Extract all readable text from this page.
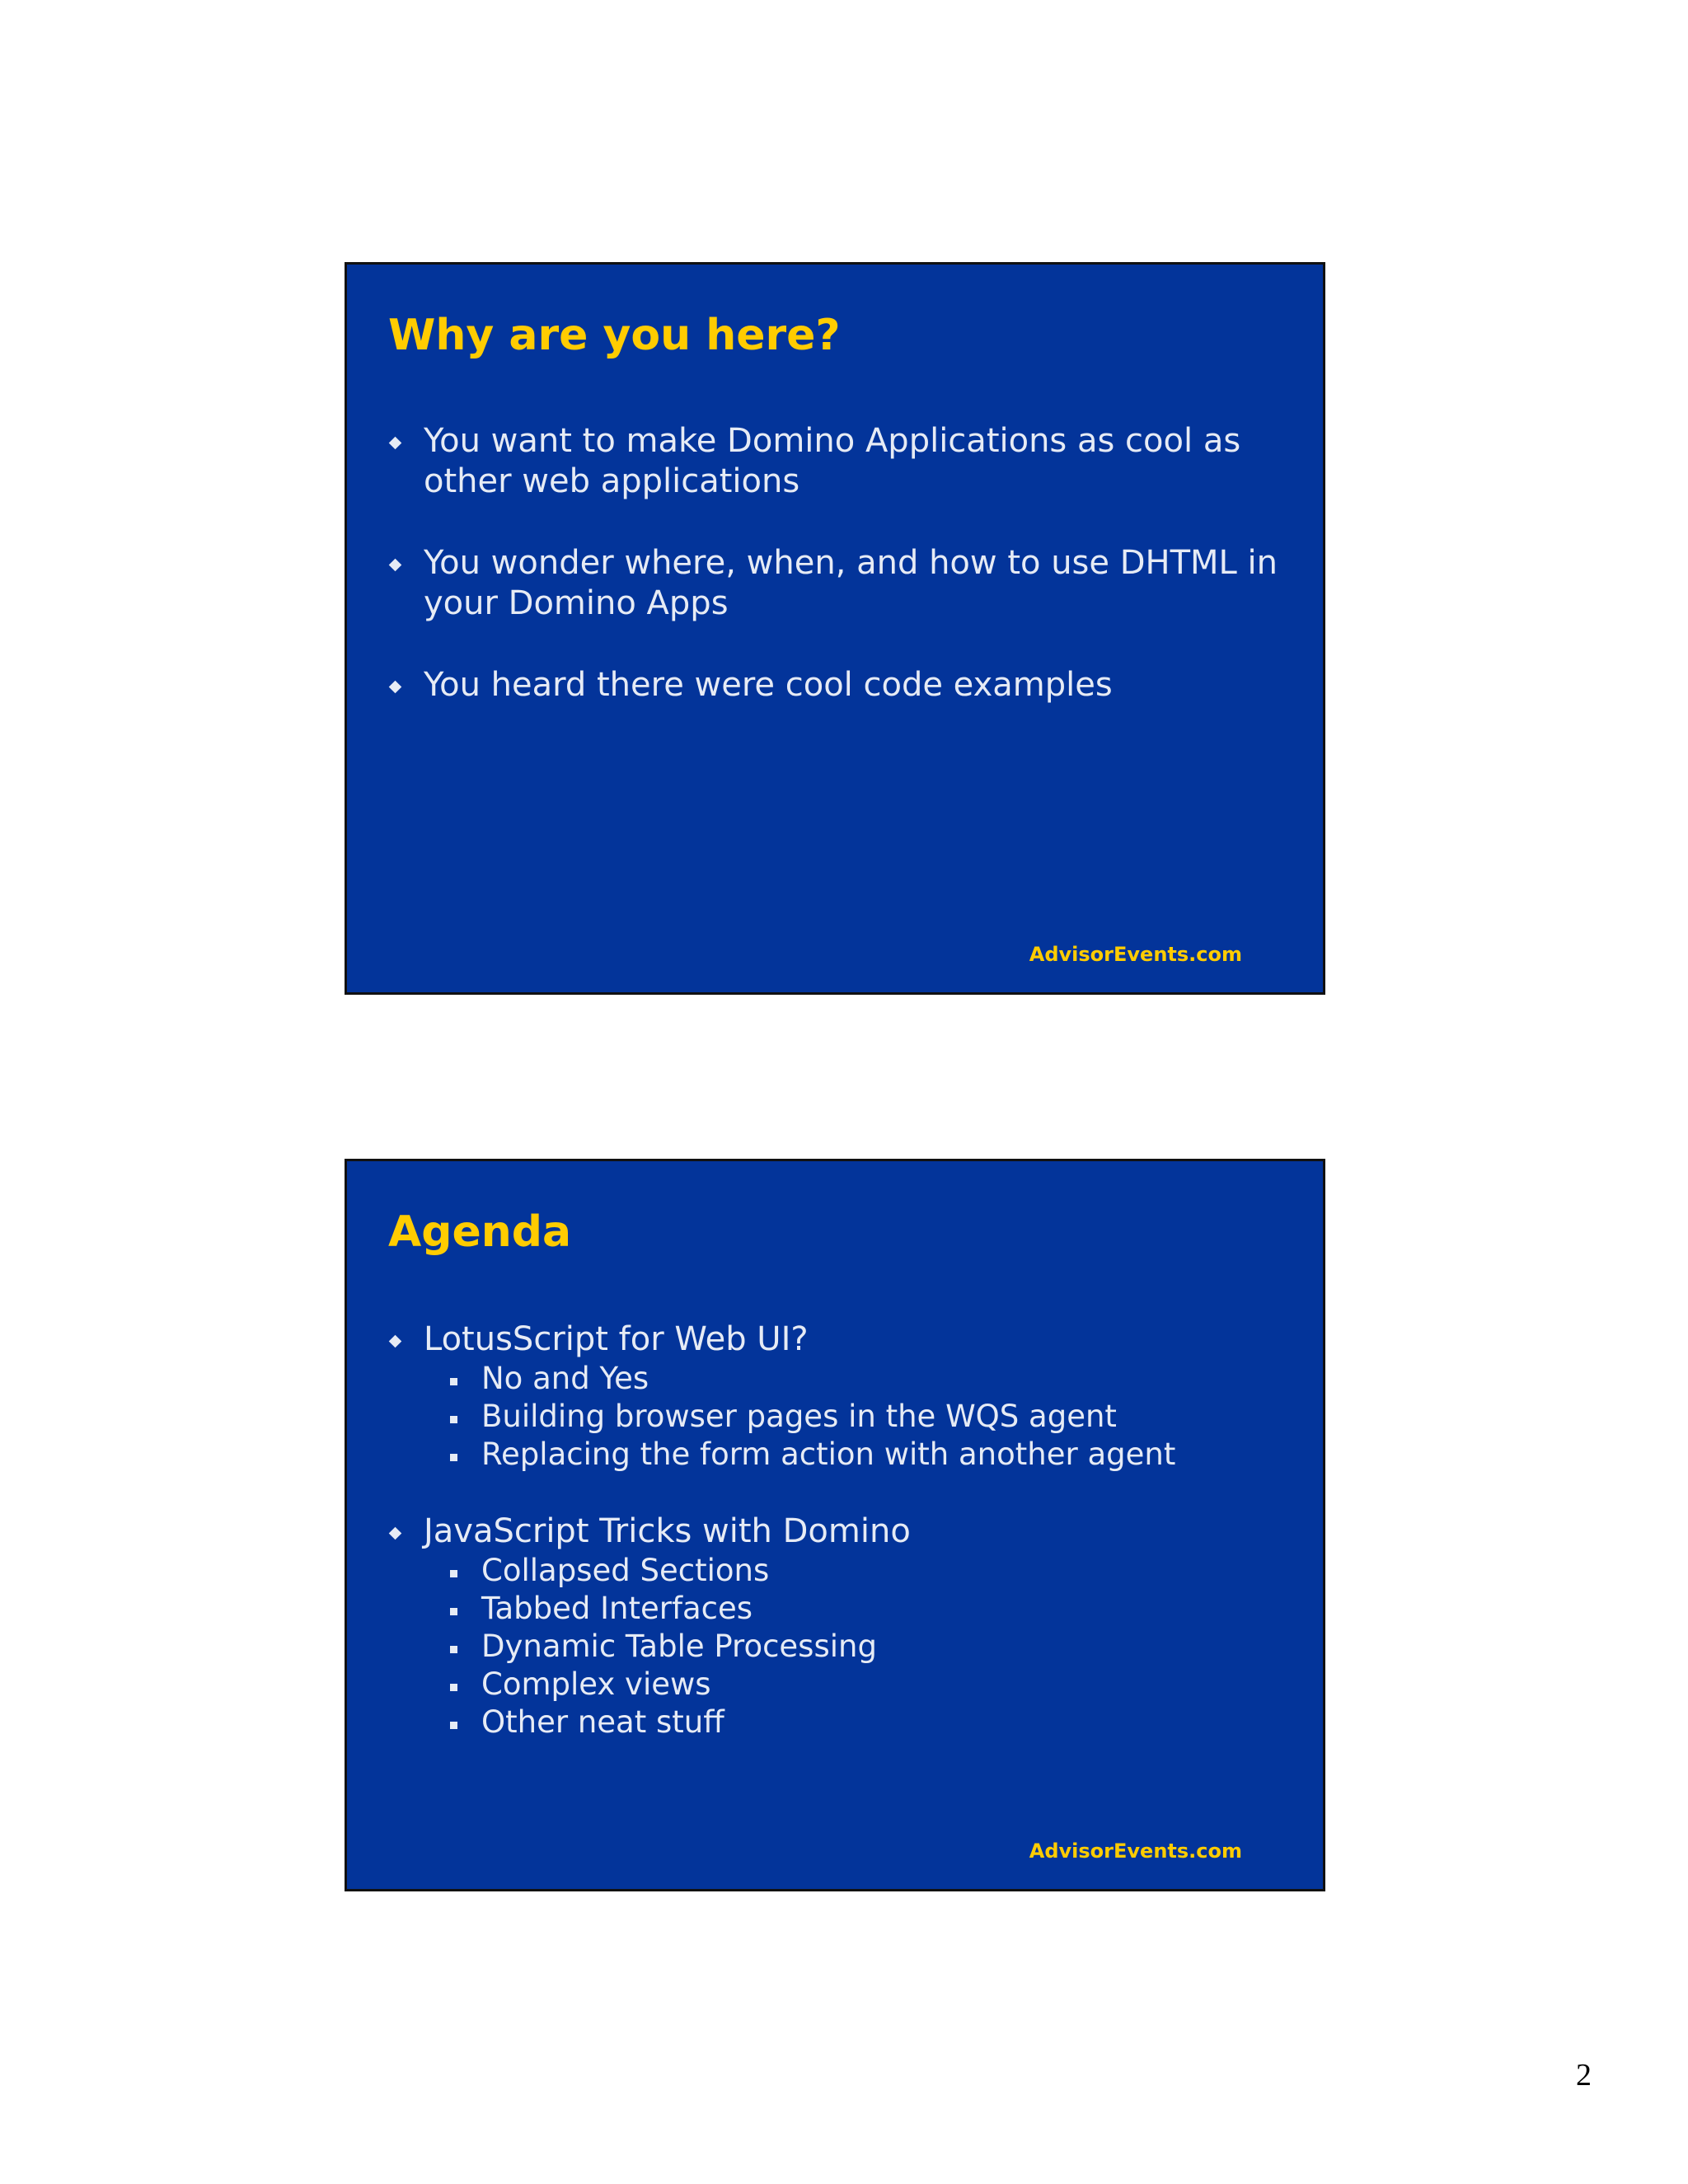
Why are you here?
You want to make Domino Applications as cool as other web applications
You wonder where, when, and how to use DHTML in your Domino Apps
You heard there were cool code examples
AdvisorEvents.com
Agenda
LotusScript for Web UI?
No and Yes
Building browser pages in the WQS agent
Replacing the form action with another agent
JavaScript Tricks with Domino
Collapsed Sections
Tabbed Interfaces
Dynamic Table Processing
Complex views
Other neat stuff
AdvisorEvents.com
2
